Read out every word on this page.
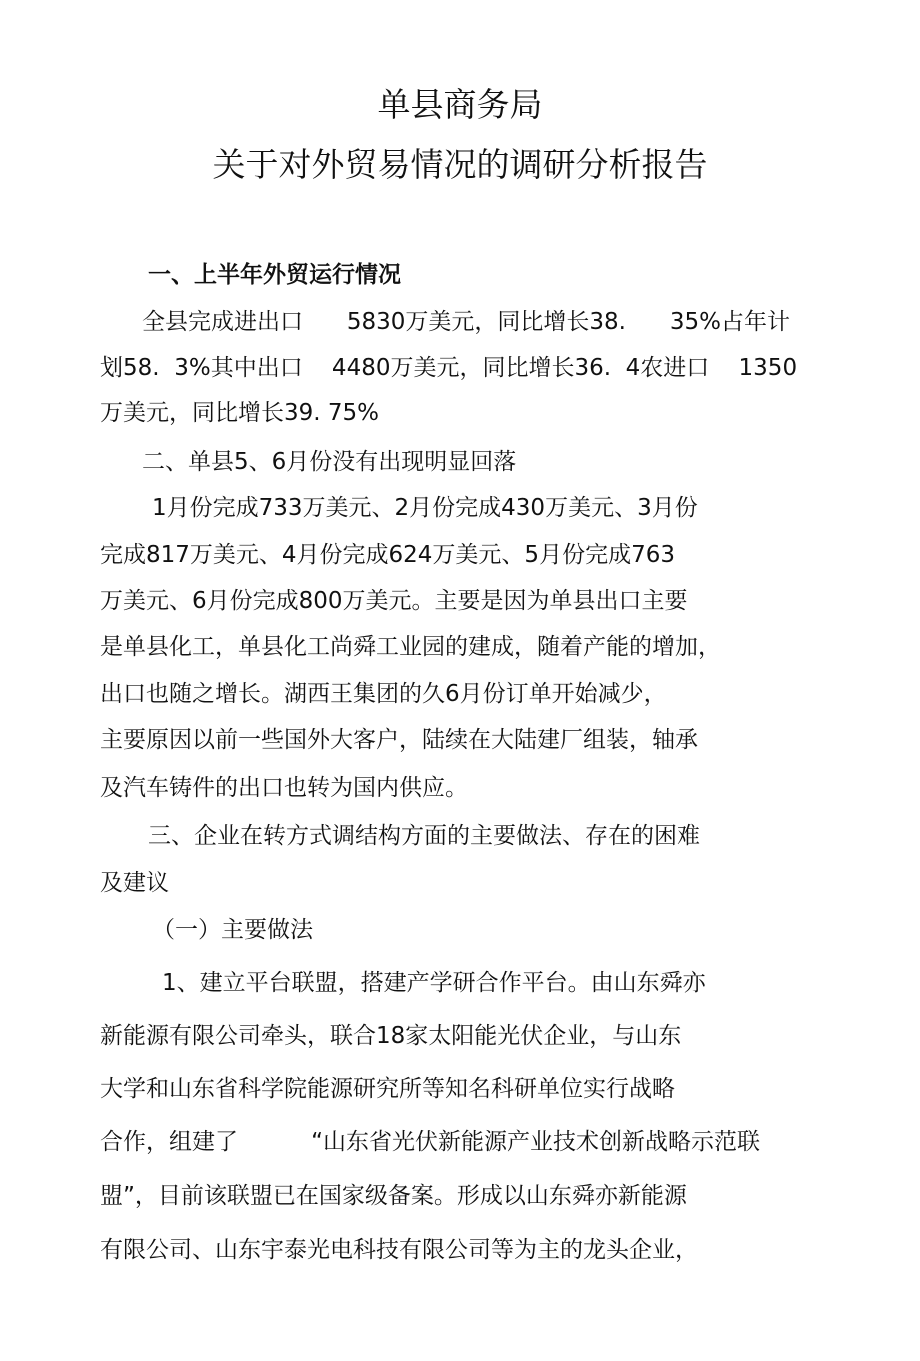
单县商务局
关于对外贸易情况的调研分析报告
一、上半年外贸运行情况
全县完成进出口      5830万美元，同比增长38.      35%占年计
划58.  3%其中出口    4480万美元，同比增长36.  4农进口    1350
万美元，同比增长39. 75%
二、单县5、6月份没有出现明显回落
1月份完成733万美元、2月份完成430万美元、3月份
完成817万美元、4月份完成624万美元、5月份完成763
万美元、6月份完成800万美元。主要是因为单县出口主要
是单县化工，单县化工尚舜工业园的建成，随着产能的增加，
出口也随之增长。湖西王集团的久6月份订单开始减少，
主要原因以前一些国外大客户，陆续在大陆建厂组装，轴承
及汽车铸件的出口也转为国内供应。
三、企业在转方式调结构方面的主要做法、存在的困难
及建议
（一）主要做法
1、建立平台联盟，搭建产学研合作平台。由山东舜亦
新能源有限公司牵头，联合18家太阳能光伏企业，与山东
大学和山东省科学院能源研究所等知名科研单位实行战略
合作，组建了          “山东省光伏新能源产业技术创新战略示范联
盟”，目前该联盟已在国家级备案。形成以山东舜亦新能源
有限公司、山东宇泰光电科技有限公司等为主的龙头企业，
